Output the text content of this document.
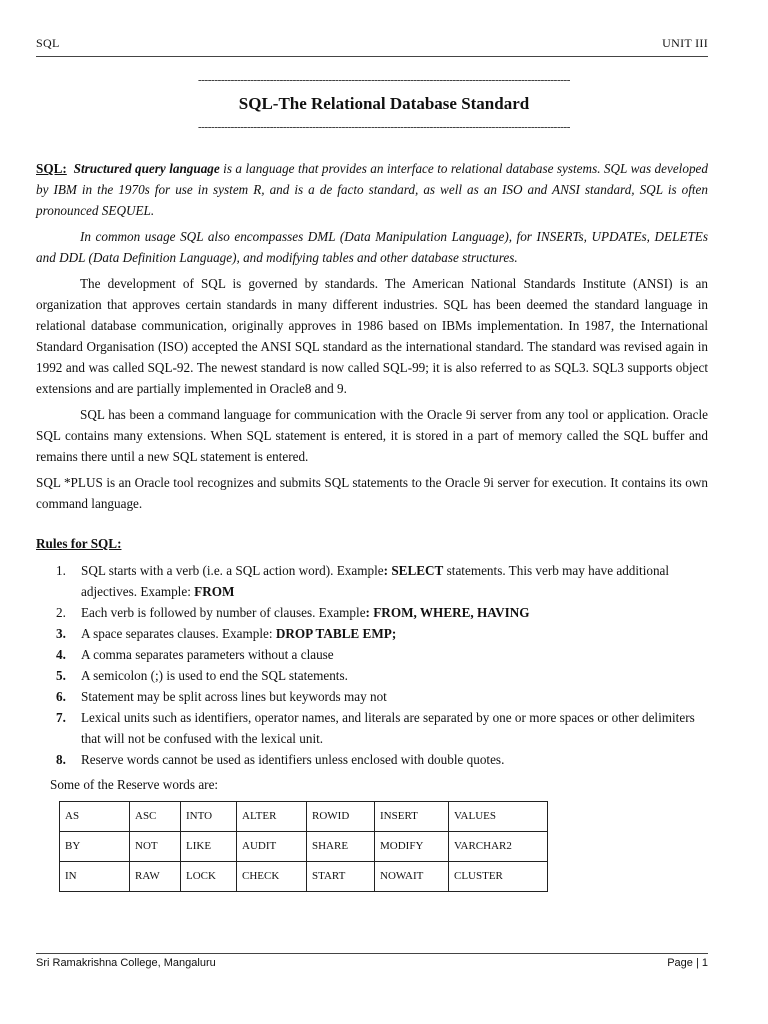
SQL	UNIT III
------------------------------------------------------------------------------------------------------------------
SQL-The Relational Database Standard
------------------------------------------------------------------------------------------------------------------

SQL: Structured query language is a language that provides an interface to relational database systems. SQL was developed by IBM in the 1970s for use in system R, and is a de facto standard, as well as an ISO and ANSI standard, SQL is often pronounced SEQUEL.

In common usage SQL also encompasses DML (Data Manipulation Language), for INSERTs, UPDATEs, DELETEs and DDL (Data Definition Language), and modifying tables and other database structures.

The development of SQL is governed by standards. The American National Standards Institute (ANSI) is an organization that approves certain standards in many different industries. SQL has been deemed the standard language in relational database communication, originally approves in 1986 based on IBMs implementation. In 1987, the International Standard Organisation (ISO) accepted the ANSI SQL standard as the international standard. The standard was revised again in 1992 and was called SQL-92. The newest standard is now called SQL-99; it is also referred to as SQL3. SQL3 supports object extensions and are partially implemented in Oracle8 and 9.

SQL has been a command language for communication with the Oracle 9i server from any tool or application. Oracle SQL contains many extensions. When SQL statement is entered, it is stored in a part of memory called the SQL buffer and remains there until a new SQL statement is entered.

SQL *PLUS is an Oracle tool recognizes and submits SQL statements to the Oracle 9i server for execution. It contains its own command language.

Rules for SQL:
1. SQL starts with a verb (i.e. a SQL action word). Example: SELECT statements. This verb may have additional adjectives. Example: FROM
2. Each verb is followed by number of clauses. Example: FROM, WHERE, HAVING
3. A space separates clauses. Example: DROP TABLE EMP;
4. A comma separates parameters without a clause
5. A semicolon (;) is used to end the SQL statements.
6. Statement may be split across lines but keywords may not
7. Lexical units such as identifiers, operator names, and literals are separated by one or more spaces or other delimiters that will not be confused with the lexical unit.
8. Reserve words cannot be used as identifiers unless enclosed with double quotes.
Some of the Reserve words are:
AS	ASC	INTO	ALTER	ROWID	INSERT	VALUES
BY	NOT	LIKE	AUDIT	SHARE	MODIFY	VARCHAR2
IN	RAW	LOCK	CHECK	START	NOWAIT	CLUSTER
Sri Ramakrishna College, Mangaluru	Page | 1
